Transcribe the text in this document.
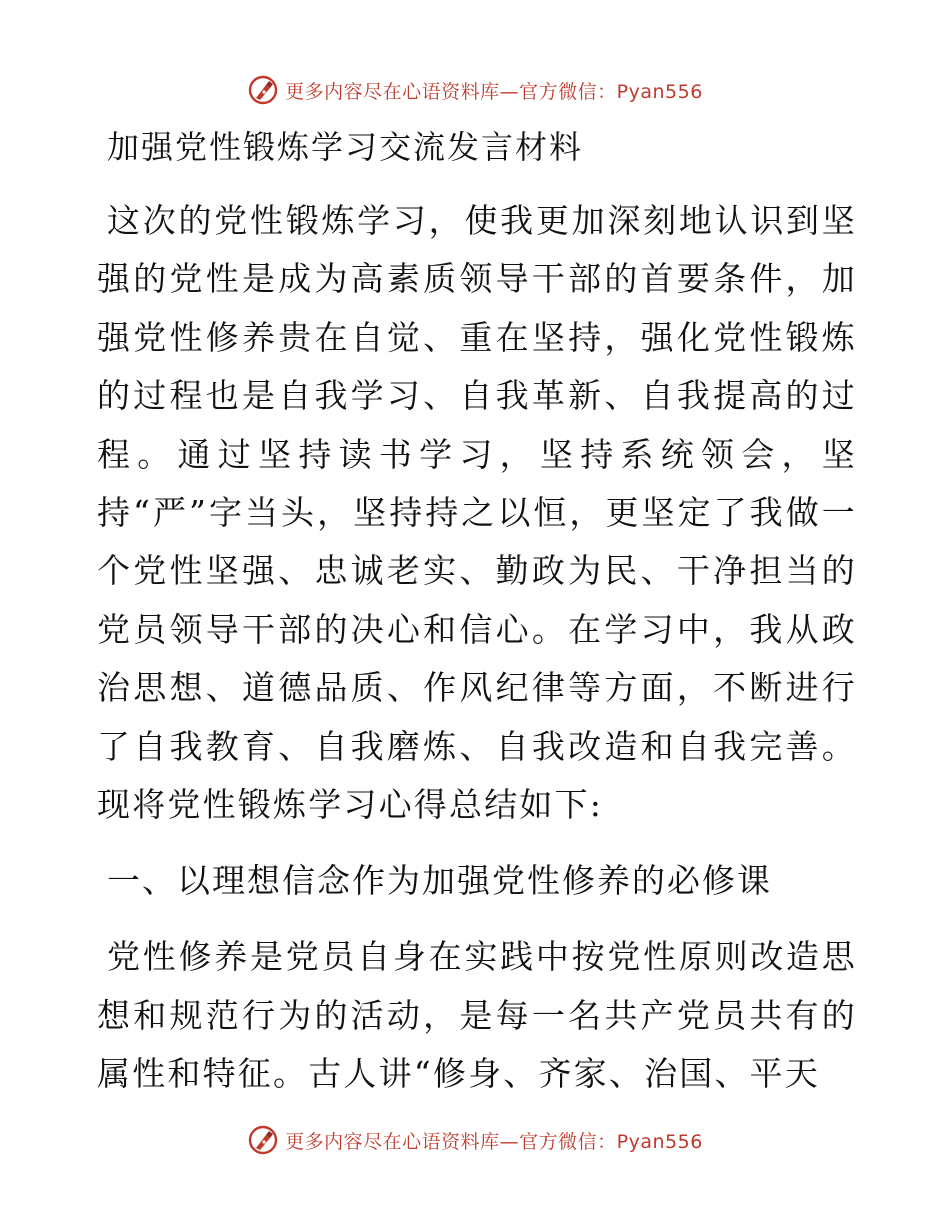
更多内容尽在心语资料库—官方微信：Pyan556
加强党性锻炼学习交流发言材料

这次的党性锻炼学习，使我更加深刻地认识到坚强的党性是成为高素质领导干部的首要条件，加强党性修养贵在自觉、重在坚持，强化党性锻炼的过程也是自我学习、自我革新、自我提高的过程。通过坚持读书学习，坚持系统领会，坚持“严”字当头，坚持持之以恒，更坚定了我做一个党性坚强、忠诚老实、勤政为民、干净担当的党员领导干部的决心和信心。在学习中，我从政治思想、道德品质、作风纪律等方面，不断进行了自我教育、自我磨炼、自我改造和自我完善。现将党性锻炼学习心得总结如下:

一、以理想信念作为加强党性修养的必修课

党性修养是党员自身在实践中按党性原则改造思想和规范行为的活动，是每一名共产党员共有的属性和特征。古人讲“修身、齐家、治国、平天

更多内容尽在心语资料库—官方微信：Pyan556
